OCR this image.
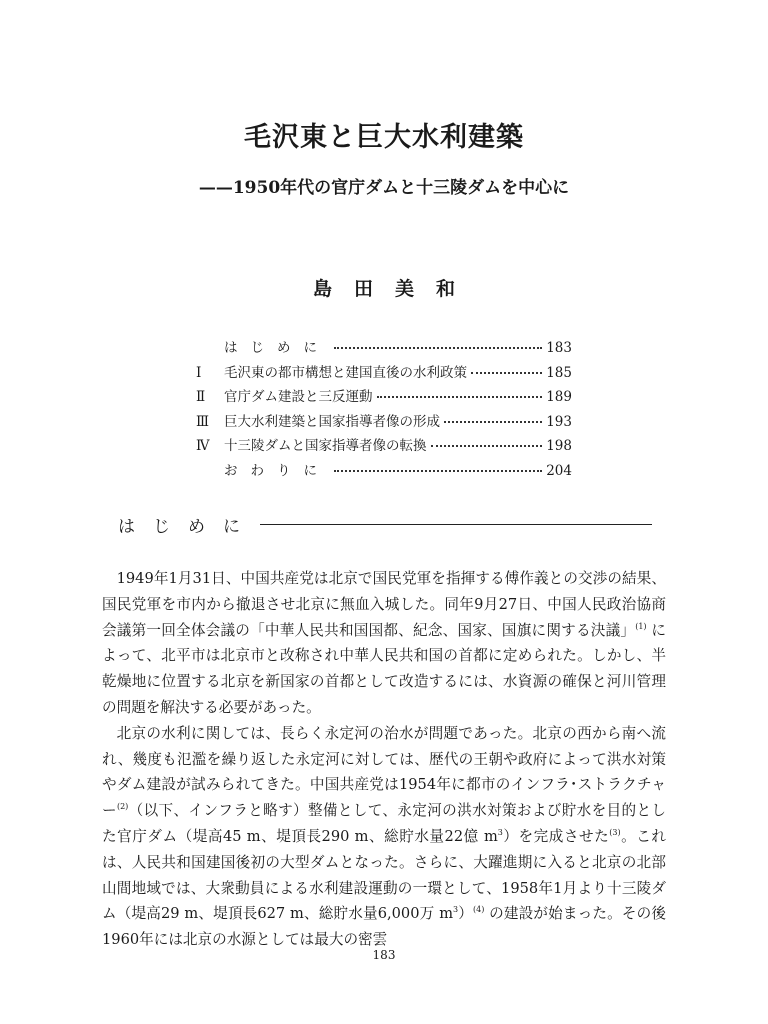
毛沢東と巨大水利建築
——1950年代の官庁ダムと十三陵ダムを中心に
島田美和
はじめに	183
Ⅰ	毛沢東の都市構想と建国直後の水利政策	185
Ⅱ	官庁ダム建設と三反運動	189
Ⅲ	巨大水利建築と国家指導者像の形成	193
Ⅳ	十三陵ダムと国家指導者像の転換	198
おわりに	204
はじめに

1949年1月31日、中国共産党は北京で国民党軍を指揮する傅作義との交渉の結果、国民党軍を市内から撤退させ北京に無血入城した。同年9月27日、中国人民政治協商会議第一回全体会議の「中華人民共和国国都、紀念、国家、国旗に関する決議」$^{(1)}$ によって、北平市は北京市と改称され中華人民共和国の首都に定められた。しかし、半乾燥地に位置する北京を新国家の首都として改造するには、水資源の確保と河川管理の問題を解決する必要があった。

北京の水利に関しては、長らく永定河の治水が問題であった。北京の西から南へ流れ、幾度も氾濫を繰り返した永定河に対しては、歴代の王朝や政府によって洪水対策やダム建設が試みられてきた。中国共産党は1954年に都市のインフラ･ストラクチャー$^{(2)}$（以下、インフラと略す）整備として、永定河の洪水対策および貯水を目的とした官庁ダム（堤高45 m、堤頂長290 m、総貯水量22億 $m^3$）を完成させた$^{(3)}$。これは、人民共和国建国後初の大型ダムとなった。さらに、大躍進期に入ると北京の北部山間地域では、大衆動員による水利建設運動の一環として、1958年1月より十三陵ダム（堤高29 m、堤頂長627 m、総貯水量6,000万 $m^3)^{(4)}$ の建設が始まった。その後1960年には北京の水源としては最大の密雲

183
